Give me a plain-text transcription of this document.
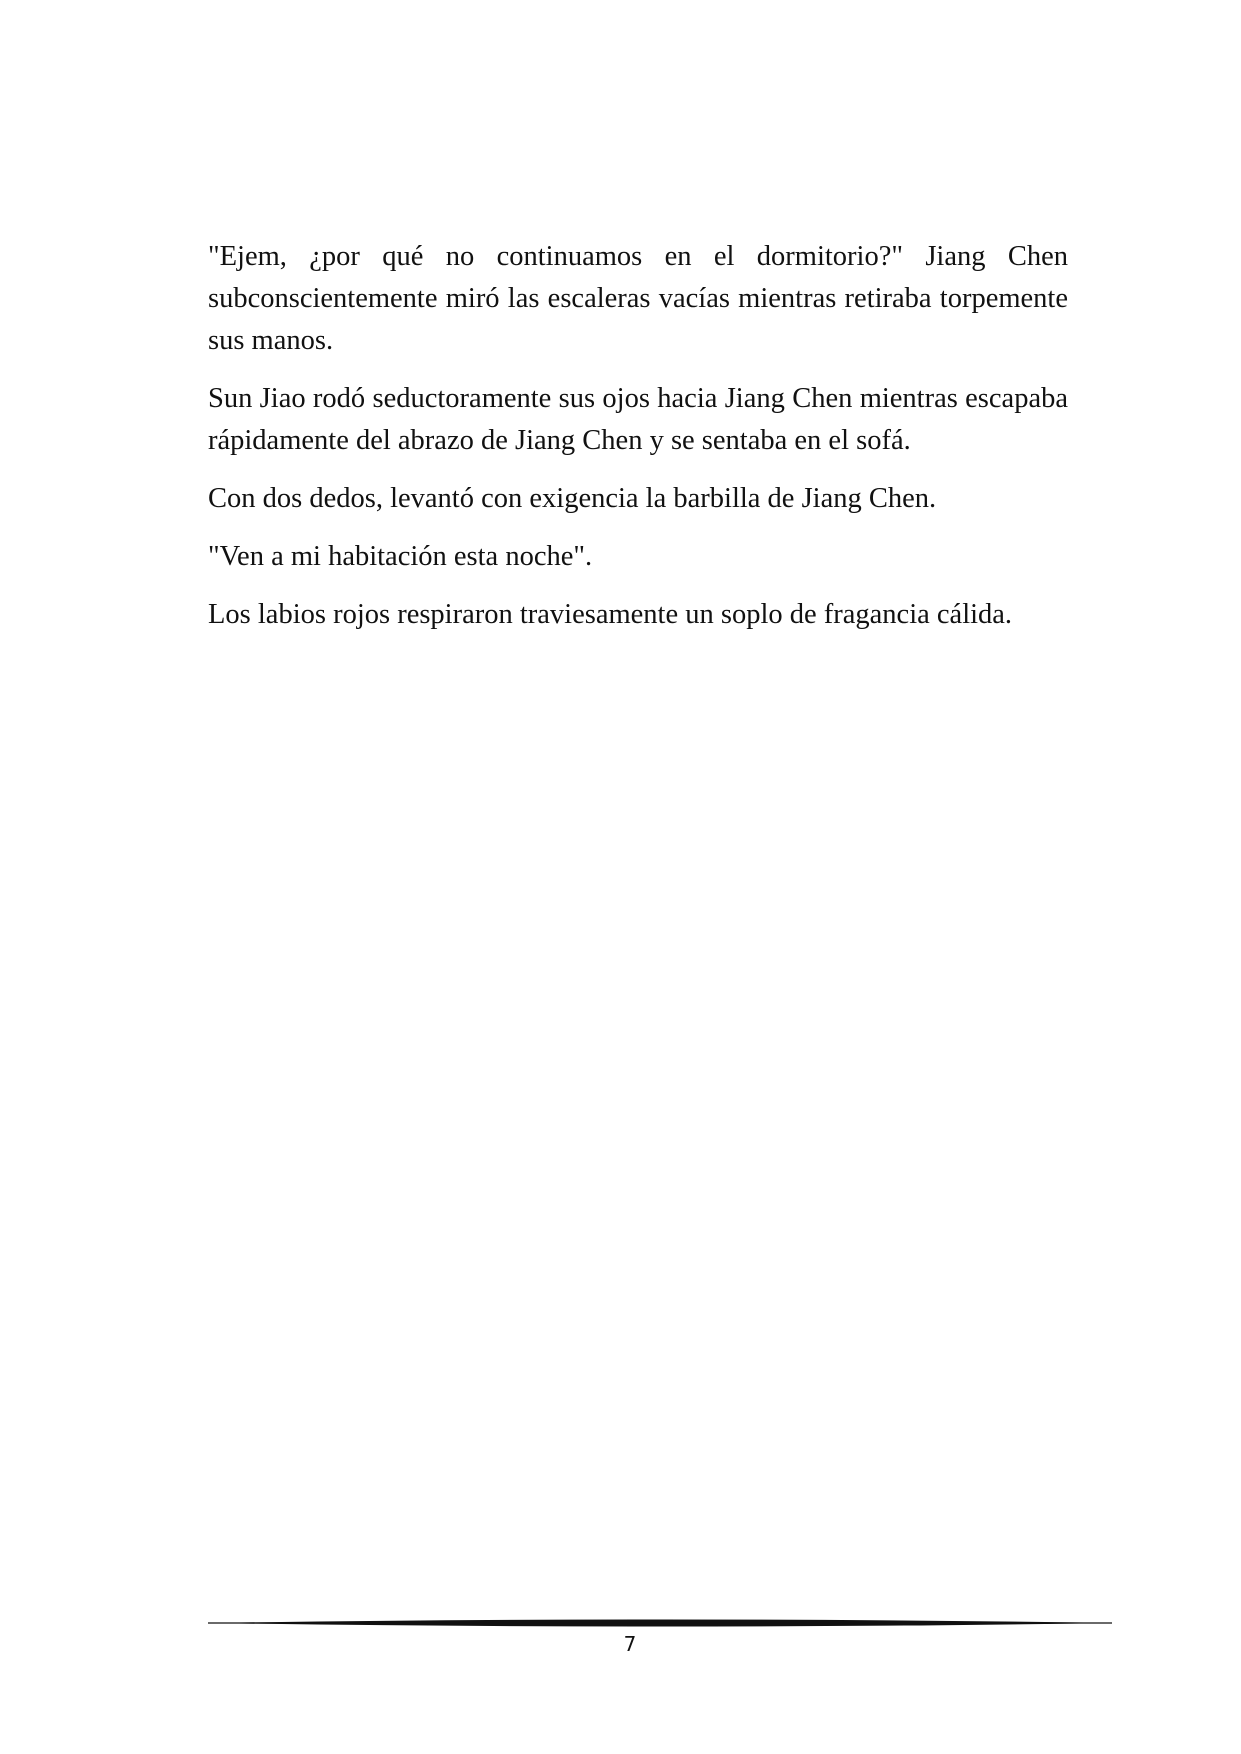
"Ejem, ¿por qué no continuamos en el dormitorio?" Jiang Chen subconscientemente miró las escaleras vacías mientras retiraba torpemente sus manos.

Sun Jiao rodó seductoramente sus ojos hacia Jiang Chen mientras escapaba rápidamente del abrazo de Jiang Chen y se sentaba en el sofá.

Con dos dedos, levantó con exigencia la barbilla de Jiang Chen.

"Ven a mi habitación esta noche".

Los labios rojos respiraron traviesamente un soplo de fragancia cálida.

7
